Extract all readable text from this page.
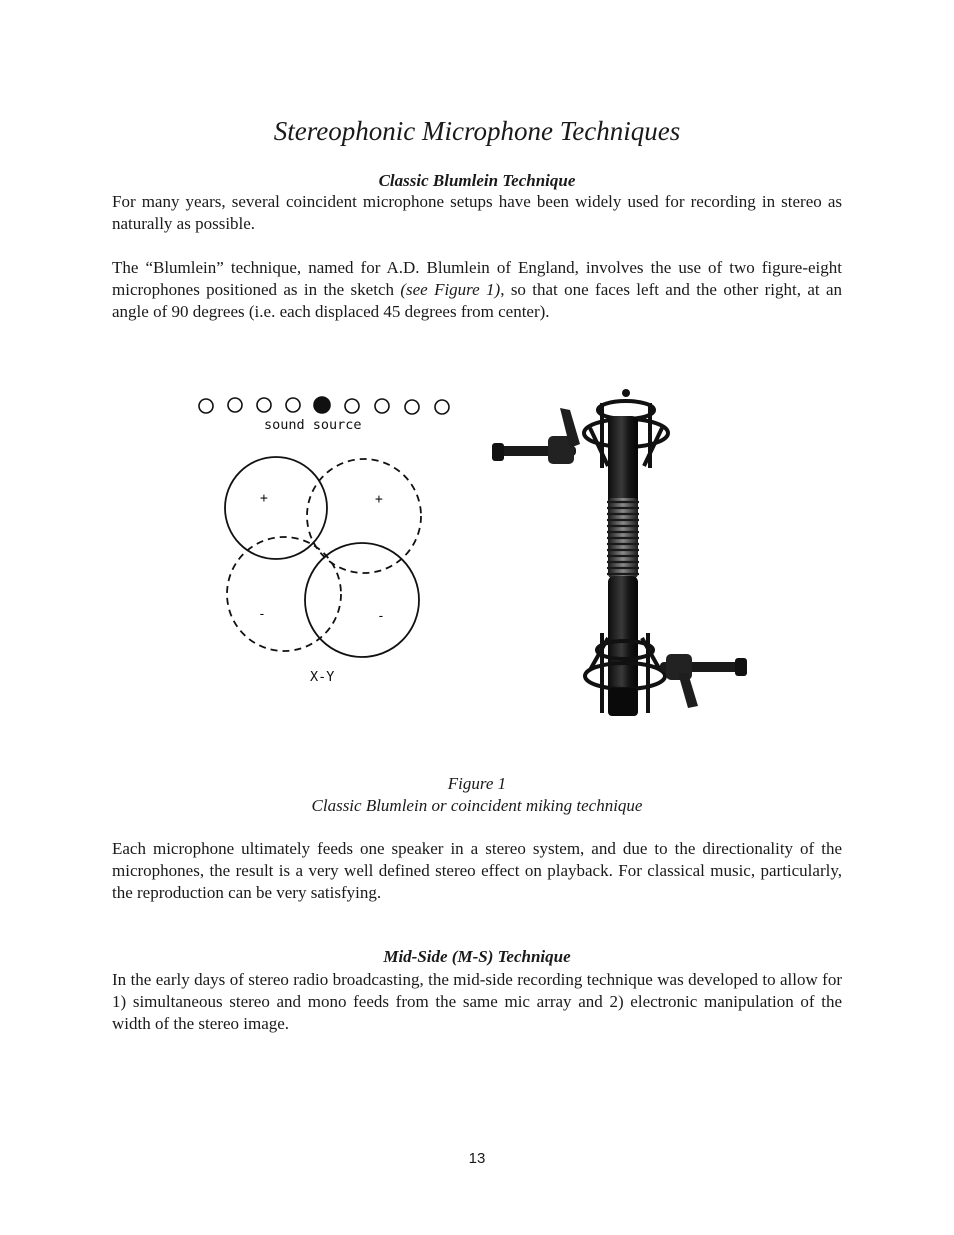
Stereophonic Microphone Techniques
Classic Blumlein Technique

For many years, several coincident microphone setups have been widely used for recording in stereo as naturally as possible.

The “Blumlein” technique, named for A.D. Blumlein of England, involves the use of two figure-eight microphones positioned as in the sketch (see Figure 1), so that one faces left and the other right, at an angle of 90 degrees (i.e. each displaced 45 degrees from center).

sound source
+	+
-	-
X-Y

Figure 1

Classic Blumlein or coincident miking technique

Each microphone ultimately feeds one speaker in a stereo system, and due to the directionality of the microphones, the result is a very well defined stereo effect on playback. For classical music, particularly, the reproduction can be very satisfying.

Mid-Side (M-S) Technique

In the early days of stereo radio broadcasting, the mid-side recording technique was developed to allow for 1) simultaneous stereo and mono feeds from the same mic array and 2) electronic manipulation of the width of the stereo image.

13
